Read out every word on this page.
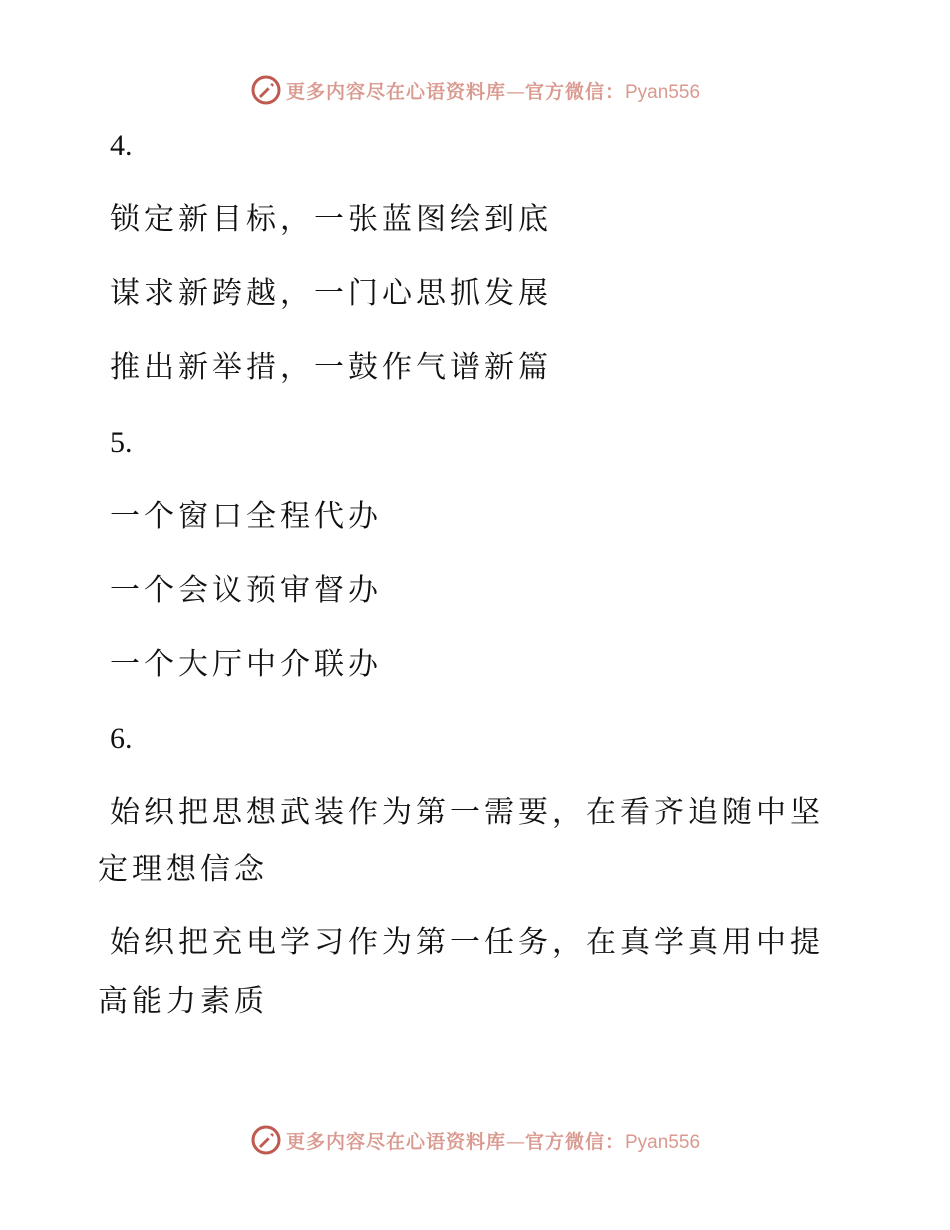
更多内容尽在心语资料库—官方微信：Pyan556
4.
锁定新目标，一张蓝图绘到底
谋求新跨越，一门心思抓发展
推出新举措，一鼓作气谱新篇
5.
一个窗口全程代办
一个会议预审督办
一个大厅中介联办
6.
始织把思想武装作为第一需要，在看齐追随中坚
定理想信念
始织把充电学习作为第一任务，在真学真用中提
高能力素质
更多内容尽在心语资料库—官方微信：Pyan556
